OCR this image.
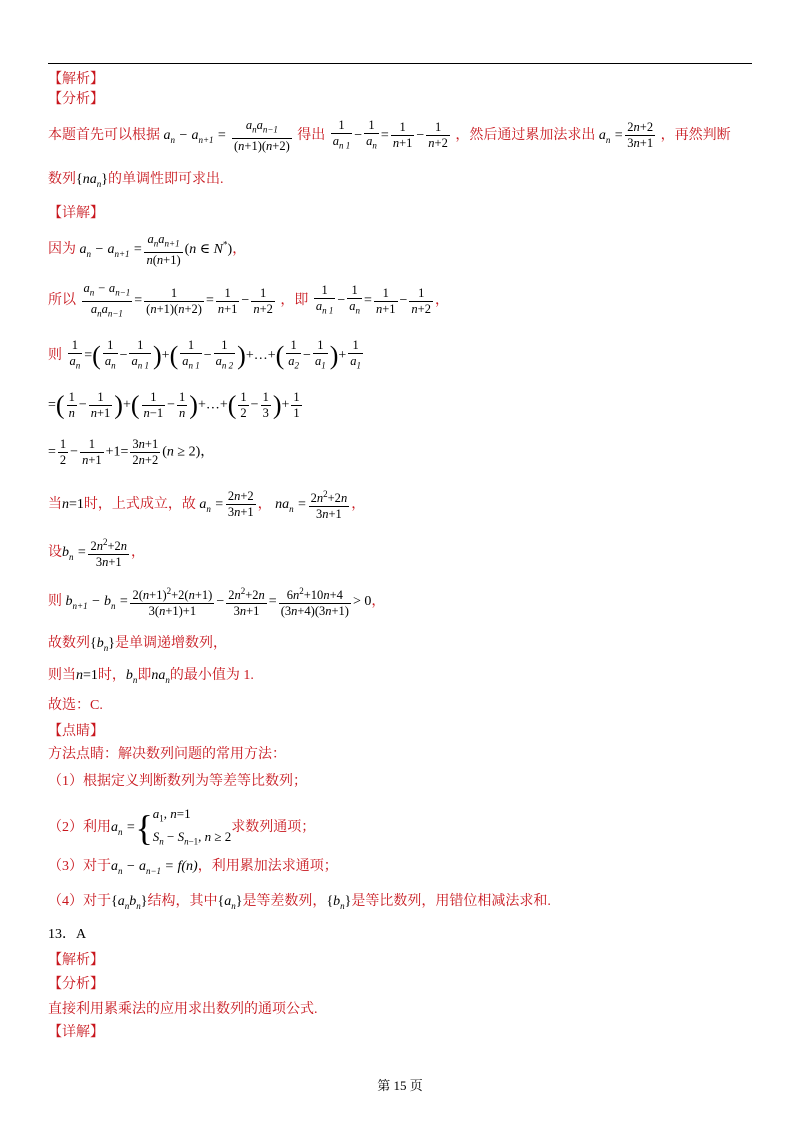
【解析】
【分析】
本题首先可以根据 $a_n - a_{n+1}$ =
$a_na_{n-1}$
(n+1)(n+2)
得出 $\frac{1}{a_{n 1}} - \frac{1}{a_n} = \frac{1}{n+1} - \frac{1}{n+2}$ ，然后通过累加法求出 $a_n = \frac{2n+2}{3n+1}$ ，再然判断
数列$\{na_n\}$的单调性即可求出.
【详解】
因为 $a_n - a_{n+1}$ =
$a_na_{n+1}$
n(n+1)
(n ∈ N*)，
所以
$a_n - a_{n-1}$
$a_na_{n-1}$
= $\frac{1}{(n+1)(n+2)} = \frac{1}{n+1} - \frac{1}{n+2}$ ，即 $\frac{1}{a_{n 1}} - \frac{1}{a_n} = \frac{1}{n+1} - \frac{1}{n+2}$ ，
则 $\frac{1}{a_n}$ =( $\frac{1}{a_n} - \frac{1}{a_{n 1}}$ )+( $\frac{1}{a_{n 1}} - \frac{1}{a_{n 2}}$ )+…+( $\frac{1}{a_2} - \frac{1}{a_1}$ )+ $\frac{1}{a_1}$
=( $\frac{1}{n} - \frac{1}{n+1}$ )+( $\frac{1}{n-1} - \frac{1}{n}$ )+…+( $\frac{1}{2} - \frac{1}{3}$ )+ $\frac{1}{1}$
= $\frac{1}{2} - \frac{1}{n+1} +1= \frac{3n+1}{2n+2} (n \ge 2)$，
当n=1时，上式成立，故 $a_n = \frac{2n+2}{3n+1}$ ， $na_n = \frac{2n^2+2n}{3n+1}$ ，
设$b_n = \frac{2n^2+2n}{3n+1}$ ，
则 $b_{n+1} - b_n = \frac{2(n+1)^2+2(n+1)}{3(n+1)+1} - \frac{2n^2+2n}{3n+1} = \frac{6n^2+10n+4}{(3n+4)(3n+1)} > 0$，
故数列$\{b_n\}$是单调递增数列，
则当n=1时，$b_n$即$na_n$的最小值为 1.
故选：C.
【点睛】
方法点睛：解决数列问题的常用方法：
（1）根据定义判断数列为等差等比数列；
（2）利用$a_n =\{a_1$, n=1
$S_n - S_{n-1}$, n ≥ 2求数列通项；
（3）对于$a_n - a_{n-1} = f(n)$，利用累加法求通项；
（4）对于$\{a_nb_n\}$结构，其中$\{a_n\}$是等差数列，$\{b_n\}$是等比数列，用错位相减法求和.
13．A
【解析】
【分析】
直接利用累乘法的应用求出数列的通项公式.
【详解】
第 15 页
